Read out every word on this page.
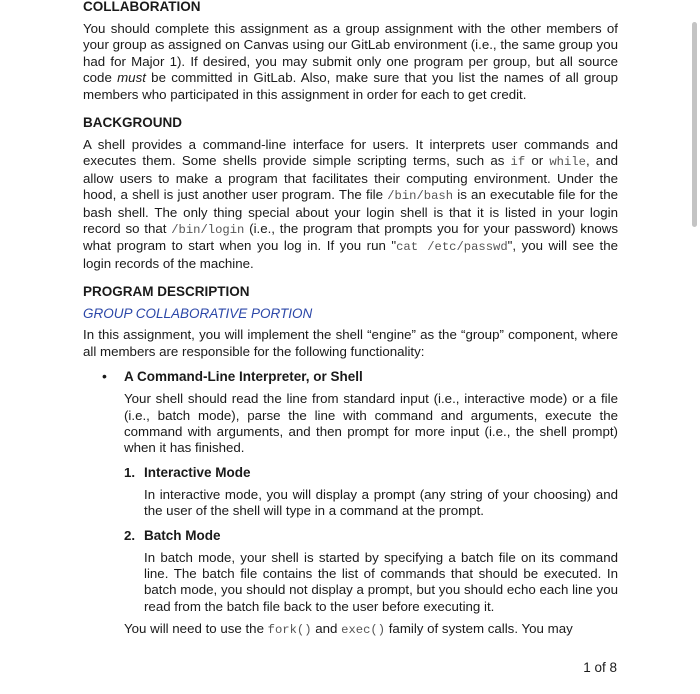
COLLABORATION

You should complete this assignment as a group assignment with the other members of your group as assigned on Canvas using our GitLab environment (i.e., the same group you had for Major 1). If desired, you may submit only one program per group, but all source code must be committed in GitLab. Also, make sure that you list the names of all group members who participated in this assignment in order for each to get credit.

BACKGROUND

A shell provides a command-line interface for users. It interprets user commands and executes them. Some shells provide simple scripting terms, such as if or while, and allow users to make a program that facilitates their computing environment. Under the hood, a shell is just another user program. The file /bin/bash is an executable file for the bash shell. The only thing special about your login shell is that it is listed in your login record so that /bin/login (i.e., the program that prompts you for your password) knows what program to start when you log in. If you run "cat /etc/passwd", you will see the login records of the machine.

PROGRAM DESCRIPTION

GROUP COLLABORATIVE PORTION

In this assignment, you will implement the shell “engine” as the “group” component, where all members are responsible for the following functionality:

• A Command-Line Interpreter, or Shell

Your shell should read the line from standard input (i.e., interactive mode) or a file (i.e., batch mode), parse the line with command and arguments, execute the command with arguments, and then prompt for more input (i.e., the shell prompt) when it has finished.

1. Interactive Mode

In interactive mode, you will display a prompt (any string of your choosing) and the user of the shell will type in a command at the prompt.

2. Batch Mode

In batch mode, your shell is started by specifying a batch file on its command line. The batch file contains the list of commands that should be executed. In batch mode, you should not display a prompt, but you should echo each line you read from the batch file back to the user before executing it.

You will need to use the fork() and exec() family of system calls. You may

1 of 8
